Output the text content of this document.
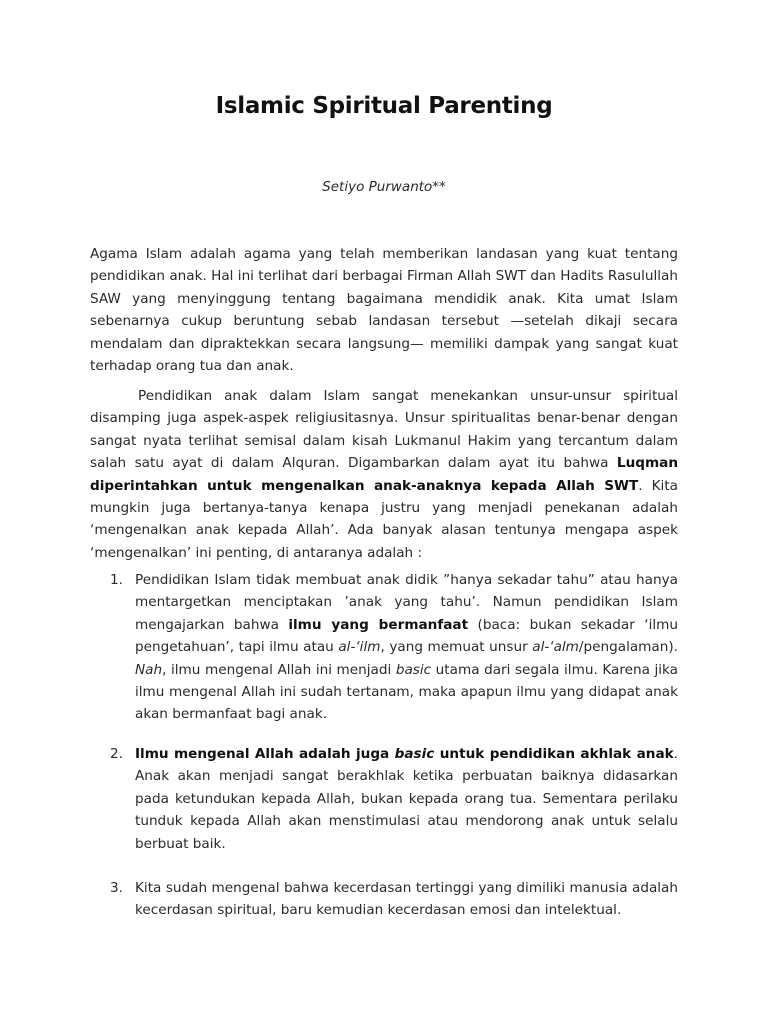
Islamic Spiritual Parenting

Setiyo Purwanto**

Agama Islam adalah agama yang telah memberikan landasan yang kuat tentang pendidikan anak. Hal ini terlihat dari berbagai Firman Allah SWT dan Hadits Rasulullah SAW yang menyinggung tentang bagaimana mendidik anak. Kita umat Islam sebenarnya cukup beruntung sebab landasan tersebut —setelah dikaji secara mendalam dan dipraktekkan secara langsung— memiliki dampak yang sangat kuat terhadap orang tua dan anak.

Pendidikan anak dalam Islam sangat menekankan unsur-unsur spiritual disamping juga aspek-aspek religiusitasnya. Unsur spiritualitas benar-benar dengan sangat nyata terlihat semisal dalam kisah Lukmanul Hakim yang tercantum dalam salah satu ayat di dalam Alquran. Digambarkan dalam ayat itu bahwa Luqman diperintahkan untuk mengenalkan anak-anaknya kepada Allah SWT. Kita mungkin juga bertanya-tanya kenapa justru yang menjadi penekanan adalah ‘mengenalkan anak kepada Allah’. Ada banyak alasan tentunya mengapa aspek ‘mengenalkan’ ini penting, di antaranya adalah :

1. Pendidikan Islam tidak membuat anak didik ”hanya sekadar tahu” atau hanya mentargetkan menciptakan ’anak yang tahu’. Namun pendidikan Islam mengajarkan bahwa ilmu yang bermanfaat (baca: bukan sekadar ‘ilmu pengetahuan’, tapi ilmu atau al-‘ilm, yang memuat unsur al-‘alm/pengalaman). Nah, ilmu mengenal Allah ini menjadi basic utama dari segala ilmu. Karena jika ilmu mengenal Allah ini sudah tertanam, maka apapun ilmu yang didapat anak akan bermanfaat bagi anak.
2. Ilmu mengenal Allah adalah juga basic untuk pendidikan akhlak anak. Anak akan menjadi sangat berakhlak ketika perbuatan baiknya didasarkan pada ketundukan kepada Allah, bukan kepada orang tua. Sementara perilaku tunduk kepada Allah akan menstimulasi atau mendorong anak untuk selalu berbuat baik.
3. Kita sudah mengenal bahwa kecerdasan tertinggi yang dimiliki manusia adalah kecerdasan spiritual, baru kemudian kecerdasan emosi dan intelektual.
